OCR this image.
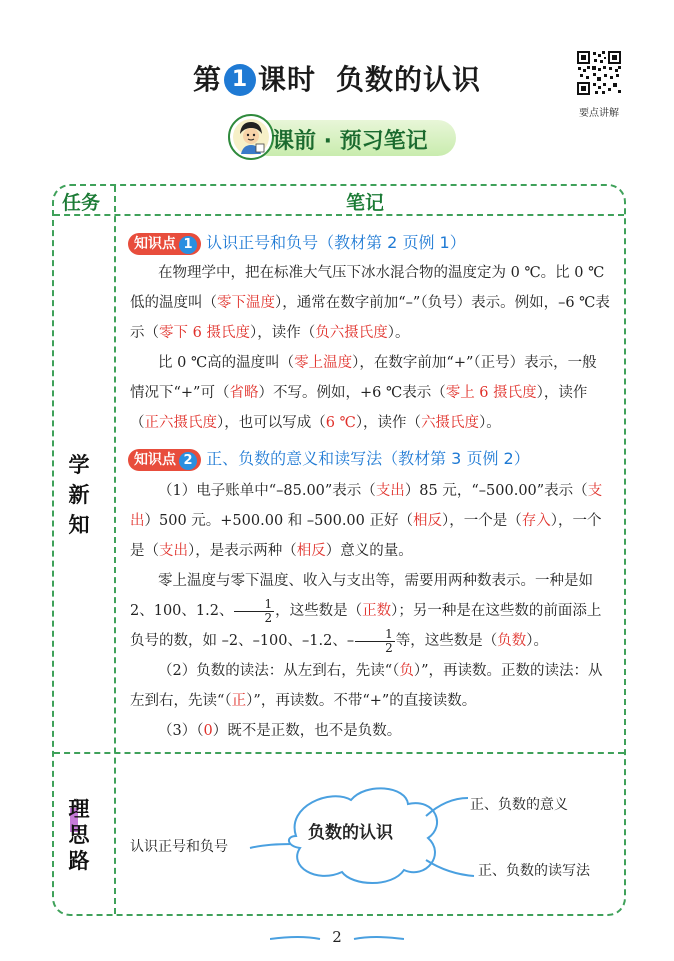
第 1 课时 负数的认识
要点讲解
课前 · 预习笔记
任务	笔记
学新知
理思路
知识点 1 认识正号和负号（教材第 2 页例 1）
在物理学中，把在标准大气压下冰水混合物的温度定为 0 ℃。比 0 ℃低的温度叫（零下温度），通常在数字前加“–”（负号）表示。例如，–6 ℃表示（零下 6 摄氏度），读作（负六摄氏度）。
比 0 ℃高的温度叫（零上温度），在数字前加“+”（正号）表示，一般情况下“+”可（省略）不写。例如，+6 ℃表示（零上 6 摄氏度），读作（正六摄氏度），也可以写成（6 ℃），读作（六摄氏度）。
知识点 2 正、负数的意义和读写法（教材第 3 页例 2）
（1）电子账单中“–85.00”表示（支出）85 元，“–500.00”表示（支出）500 元。+500.00 和 –500.00 正好（相反），一个是（存入），一个是（支出），是表示两种（相反）意义的量。
零上温度与零下温度、收入与支出等，需要用两种数表示。一种是如 2、100、1.2、 $\frac{1}{2}$ ，这些数是（正数）；另一种是在这些数的前面添上负号的数，如 –2、–100、–1.2、– $\frac{1}{2}$ 等，这些数是（负数）。
（2）负数的读法：从左到右，先读“（负）”，再读数。正数的读法：从左到右，先读“（正）”，再读数。不带“+”的直接读数。
（3）（0）既不是正数，也不是负数。
负数的认识
认识正号和负号
正、负数的意义
正、负数的读写法
2
